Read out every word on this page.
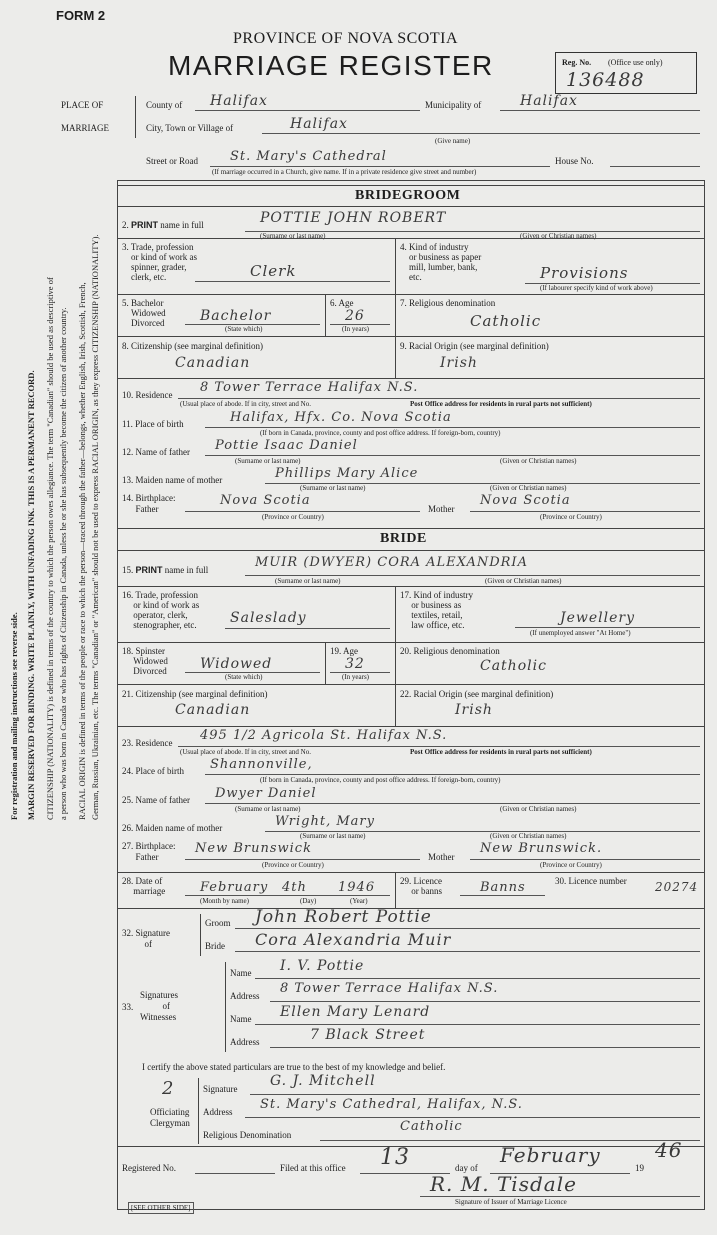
FORM 2
PROVINCE OF NOVA SCOTIA
MARRIAGE REGISTER	Reg. No. (Office use only)
136488
PLACE OF
MARRIAGE
County of Halifax	Municipality of	Halifax
City, Town or Village of	Halifax
(Give name)
Street or Road St. Mary's Cathedral	House No.
(If marriage occurred in a Church, give name. If in a private residence give street and number)
For registration and mailing instructions see reverse side. MARGIN RESERVED FOR BINDING. WRITE PLAINLY, WITH UNFADING INK. THIS IS A PERMANENT RECORD. CITIZENSHIP (NATIONALITY) is defined in terms of the country to which the person owes allegiance. The term "Canadian" should be used as descriptive of a person who was born in Canada or who has rights of Citizenship in Canada, unless he or she has subsequently become the citizen of another country. RACIAL ORIGIN is defined in terms of the people or race to which the person—traced through the father—belongs, whether English, Irish, Scottish, French, German, Russian, Ukrainian, etc. The terms "Canadian" or "American" should not be used to express RACIAL ORIGIN, as they express CITIZENSHIP (NATIONALITY).
BRIDEGROOM
2. PRINT name in full	POTTIE JOHN ROBERT
(Surname or last name)	(Given or Christian names)
3. Trade, profession
or kind of work as
spinner, grader,
clerk, etc.	Clerk
4. Kind of industry
or business as paper
mill, lumber, bank,
etc.	Provisions
(If labourer specify kind of work above)
5. Bachelor
Widowed
Divorced	Bachelor
(State which)
6. Age
26
(In years)
7. Religious denomination
Catholic
8. Citizenship (see marginal definition)
Canadian
9. Racial Origin (see marginal definition)
Irish
10. Residence 8 Tower Terrace Halifax N.S.
(Usual place of abode. If in city, street and No.	Post Office address for residents in rural parts not sufficient)
11. Place of birth	Halifax, Hfx. Co. Nova Scotia
(If born in Canada, province, county and post office address. If foreign-born, country)
12. Name of father Pottie Isaac Daniel
(Surname or last name)	(Given or Christian names)
13. Maiden name of mother	Phillips Mary Alice
(Surname or last name)	(Given or Christian names)
14. Birthplace:
Father
Nova Scotia
(Province or Country)
Mother
Nova Scotia
(Province or Country)
BRIDE
15. PRINT name in full	MUIR (DWYER) CORA ALEXANDRIA
(Surname or last name)	(Given or Christian names)
16. Trade, profession
or kind of work as
operator, clerk,
stenographer, etc. Saleslady
17. Kind of industry
or business as
textiles, retail,
law office, etc.	Jewellery
(If unemployed answer "At Home")
18. Spinster
Widowed
Divorced Widowed
(State which)
19. Age
32
(In years)
20. Religious denomination
Catholic
21. Citizenship (see marginal definition)
Canadian
22. Racial Origin (see marginal definition)
Irish
23. Residence 495 1/2 Agricola St. Halifax N.S.
(Usual place of abode. If in city, street and No.	Post Office address for residents in rural parts not sufficient)
24. Place of birth Shannonville,
(If born in Canada, province, county and post office address. If foreign-born, country)
25. Name of father Dwyer Daniel
(Surname or last name)	(Given or Christian names)
26. Maiden name of mother	Wright, Mary
(Surname or last name)	(Given or Christian names)
27. Birthplace:
Father
New Brunswick
(Province or Country)
Mother
New Brunswick.
(Province or Country)
28. Date of
marriage	February 4th 1946
(Month by name)	(Day)	(Year)
29. Licence
or banns	Banns	30. Licence number 20274
32. Signature
of
Groom John Robert Pottie
Bride Cora Alexandria Muir
Signatures
of
Witnesses
33.
Name I. V. Pottie
Address 8 Tower Terrace Halifax N.S.
Name Ellen Mary Lenard
Address	7 Black Street
I certify the above stated particulars are true to the best of my knowledge and belief.
2
Officiating
Clergyman
Signature G. J. Mitchell
Address St. Mary's Cathedral, Halifax, N.S.
Religious Denomination
Catholic
Registered No.	Filed at this office 13	day of
February
19
46
R. M. Tisdale
Signature of Issuer of Marriage Licence
[SEE OTHER SIDE]
